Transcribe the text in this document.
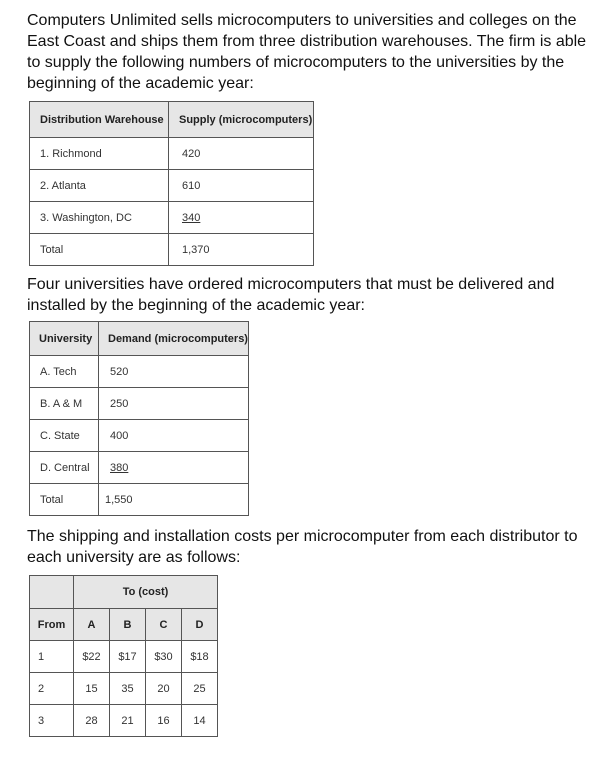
Computers Unlimited sells microcomputers to universities and colleges on the East Coast and ships them from three distribution warehouses. The firm is able to supply the following numbers of microcomputers to the universities by the beginning of the academic year:

Distribution Warehouse	Supply (microcomputers)
1. Richmond	420
2. Atlanta	610
3. Washington, DC	340
Total	1,370

Four universities have ordered microcomputers that must be delivered and installed by the beginning of the academic year:

University	Demand (microcomputers)
A. Tech	520
B. A & M	250
C. State	400
D. Central	380
Total	1,550

The shipping and installation costs per microcomputer from each distributor to each university are as follows:

	To (cost)			
From	A	B	C	D
1	$22	$17	$30	$18
2	15	35	20	25
3	28	21	16	14
